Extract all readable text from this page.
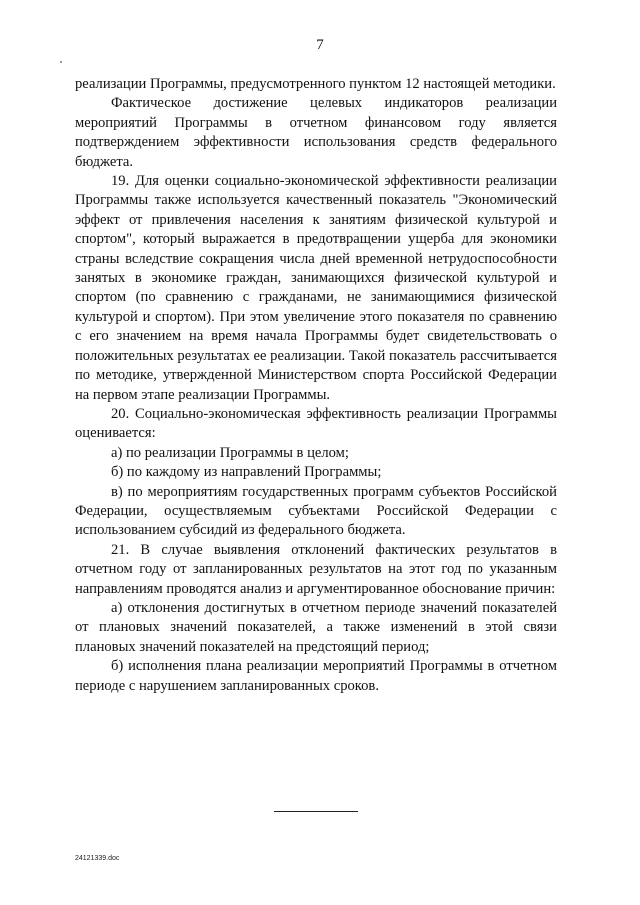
7

реализации Программы, предусмотренного пунктом 12 настоящей методики.

Фактическое достижение целевых индикаторов реализации мероприятий Программы в отчетном финансовом году является подтверждением эффективности использования средств федерального бюджета.

19. Для оценки социально-экономической эффективности реализации Программы также используется качественный показатель "Экономический эффект от привлечения населения к занятиям физической культурой и спортом", который выражается в предотвращении ущерба для экономики страны вследствие сокращения числа дней временной нетрудоспособности занятых в экономике граждан, занимающихся физической культурой и спортом (по сравнению с гражданами, не занимающимися физической культурой и спортом). При этом увеличение этого показателя по сравнению с его значением на время начала Программы будет свидетельствовать о положительных результатах ее реализации. Такой показатель рассчитывается по методике, утвержденной Министерством спорта Российской Федерации на первом этапе реализации Программы.

20. Социально-экономическая эффективность реализации Программы оценивается:

а) по реализации Программы в целом;

б) по каждому из направлений Программы;

в) по мероприятиям государственных программ субъектов Российской Федерации, осуществляемым субъектами Российской Федерации с использованием субсидий из федерального бюджета.

21. В случае выявления отклонений фактических результатов в отчетном году от запланированных результатов на этот год по указанным направлениям проводятся анализ и аргументированное обоснование причин:

а) отклонения достигнутых в отчетном периоде значений показателей от плановых значений показателей, а также изменений в этой связи плановых значений показателей на предстоящий период;

б) исполнения плана реализации мероприятий Программы в отчетном периоде с нарушением запланированных сроков.

24121339.doc
